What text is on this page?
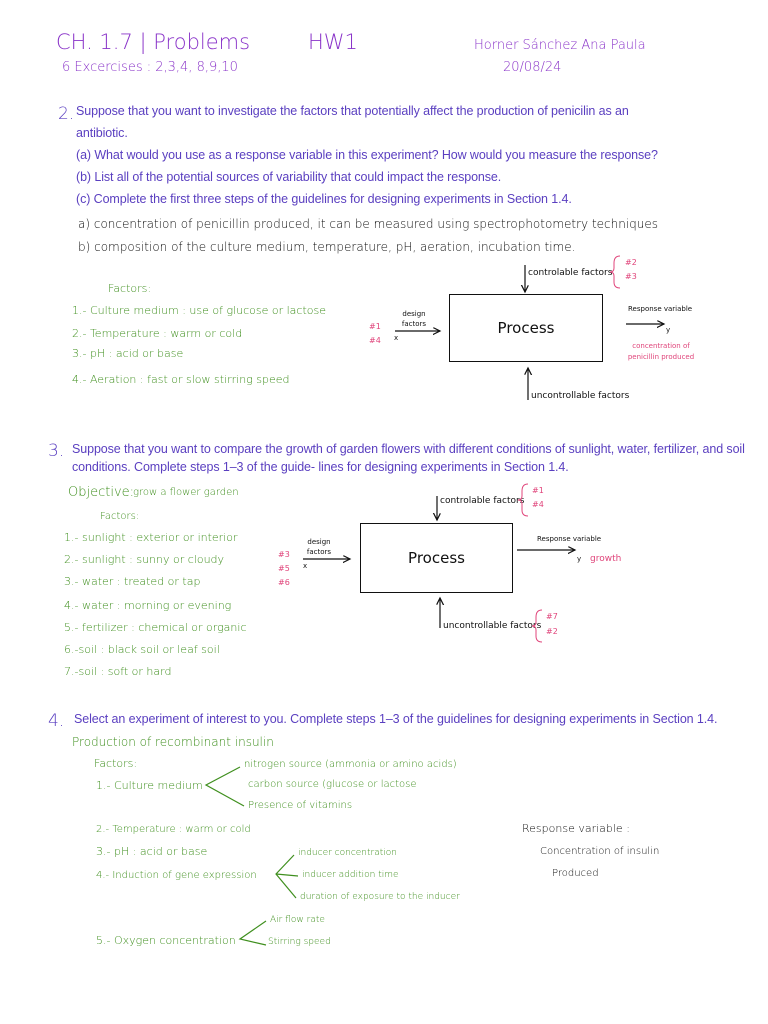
CH. 1.7 | Problems	HW1
6 Excercises : 2,3,4, 8,9,10
Horner Sánchez Ana Paula
20/08/24
2. Suppose that you want to investigate the factors that potentially affect the production of penicilin as an
antibiotic.
(a) What would you use as a response variable in this experiment? How would you measure the response?
(b) List all of the potential sources of variability that could impact the response.
(c) Complete the first three steps of the guidelines for designing experiments in Section 1.4.
a) concentration of penicillin produced, it can be measured using spectrophotometry techniques
b) composition of the culture medium, temperature, pH, aeration, incubation time.
Factors:
1.- Culture medium : use of glucose or lactose
2.- Temperature : warm or cold
3.- pH : acid or base
4.- Aeration : fast or slow stirring speed
Process
controlable factors
#2
#3
uncontrollable factors
design factors
#1
#4 x
Response variable
y
concentration of penicillin produced
3. Suppose that you want to compare the growth of garden flowers with different conditions of sunlight, water, fertilizer, and soil
conditions. Complete steps 1–3 of the guide- lines for designing experiments in Section 1.4.
Objective:
grow a flower garden
Factors:
1.- sunlight : exterior or interior
2.- sunlight : sunny or cloudy
3.- water : treated or tap
4.- water : morning or evening
5.- fertilizer : chemical or organic
6.-soil : black soil or leaf soil
7.-soil : soft or hard
Process
controlable factors
#1
#4
uncontrollable factors
#7
#2
design factors
#3
#5
#6
x
Response variable
y growth
4. Select an experiment of interest to you. Complete steps 1–3 of the guidelines for designing experiments in Section 1.4.
Production of recombinant insulin
Factors:
1.- Culture medium
nitrogen source (ammonia or amino acids)
carbon source (glucose or lactose
Presence of vitamins
2.- Temperature : warm or cold
3.- pH : acid or base
4.- Induction of gene expression
inducer concentration
inducer addition time
duration of exposure to the inducer
5.- Oxygen concentration
Air flow rate
Stirring speed
Response variable :
Concentration of insulin
Produced
